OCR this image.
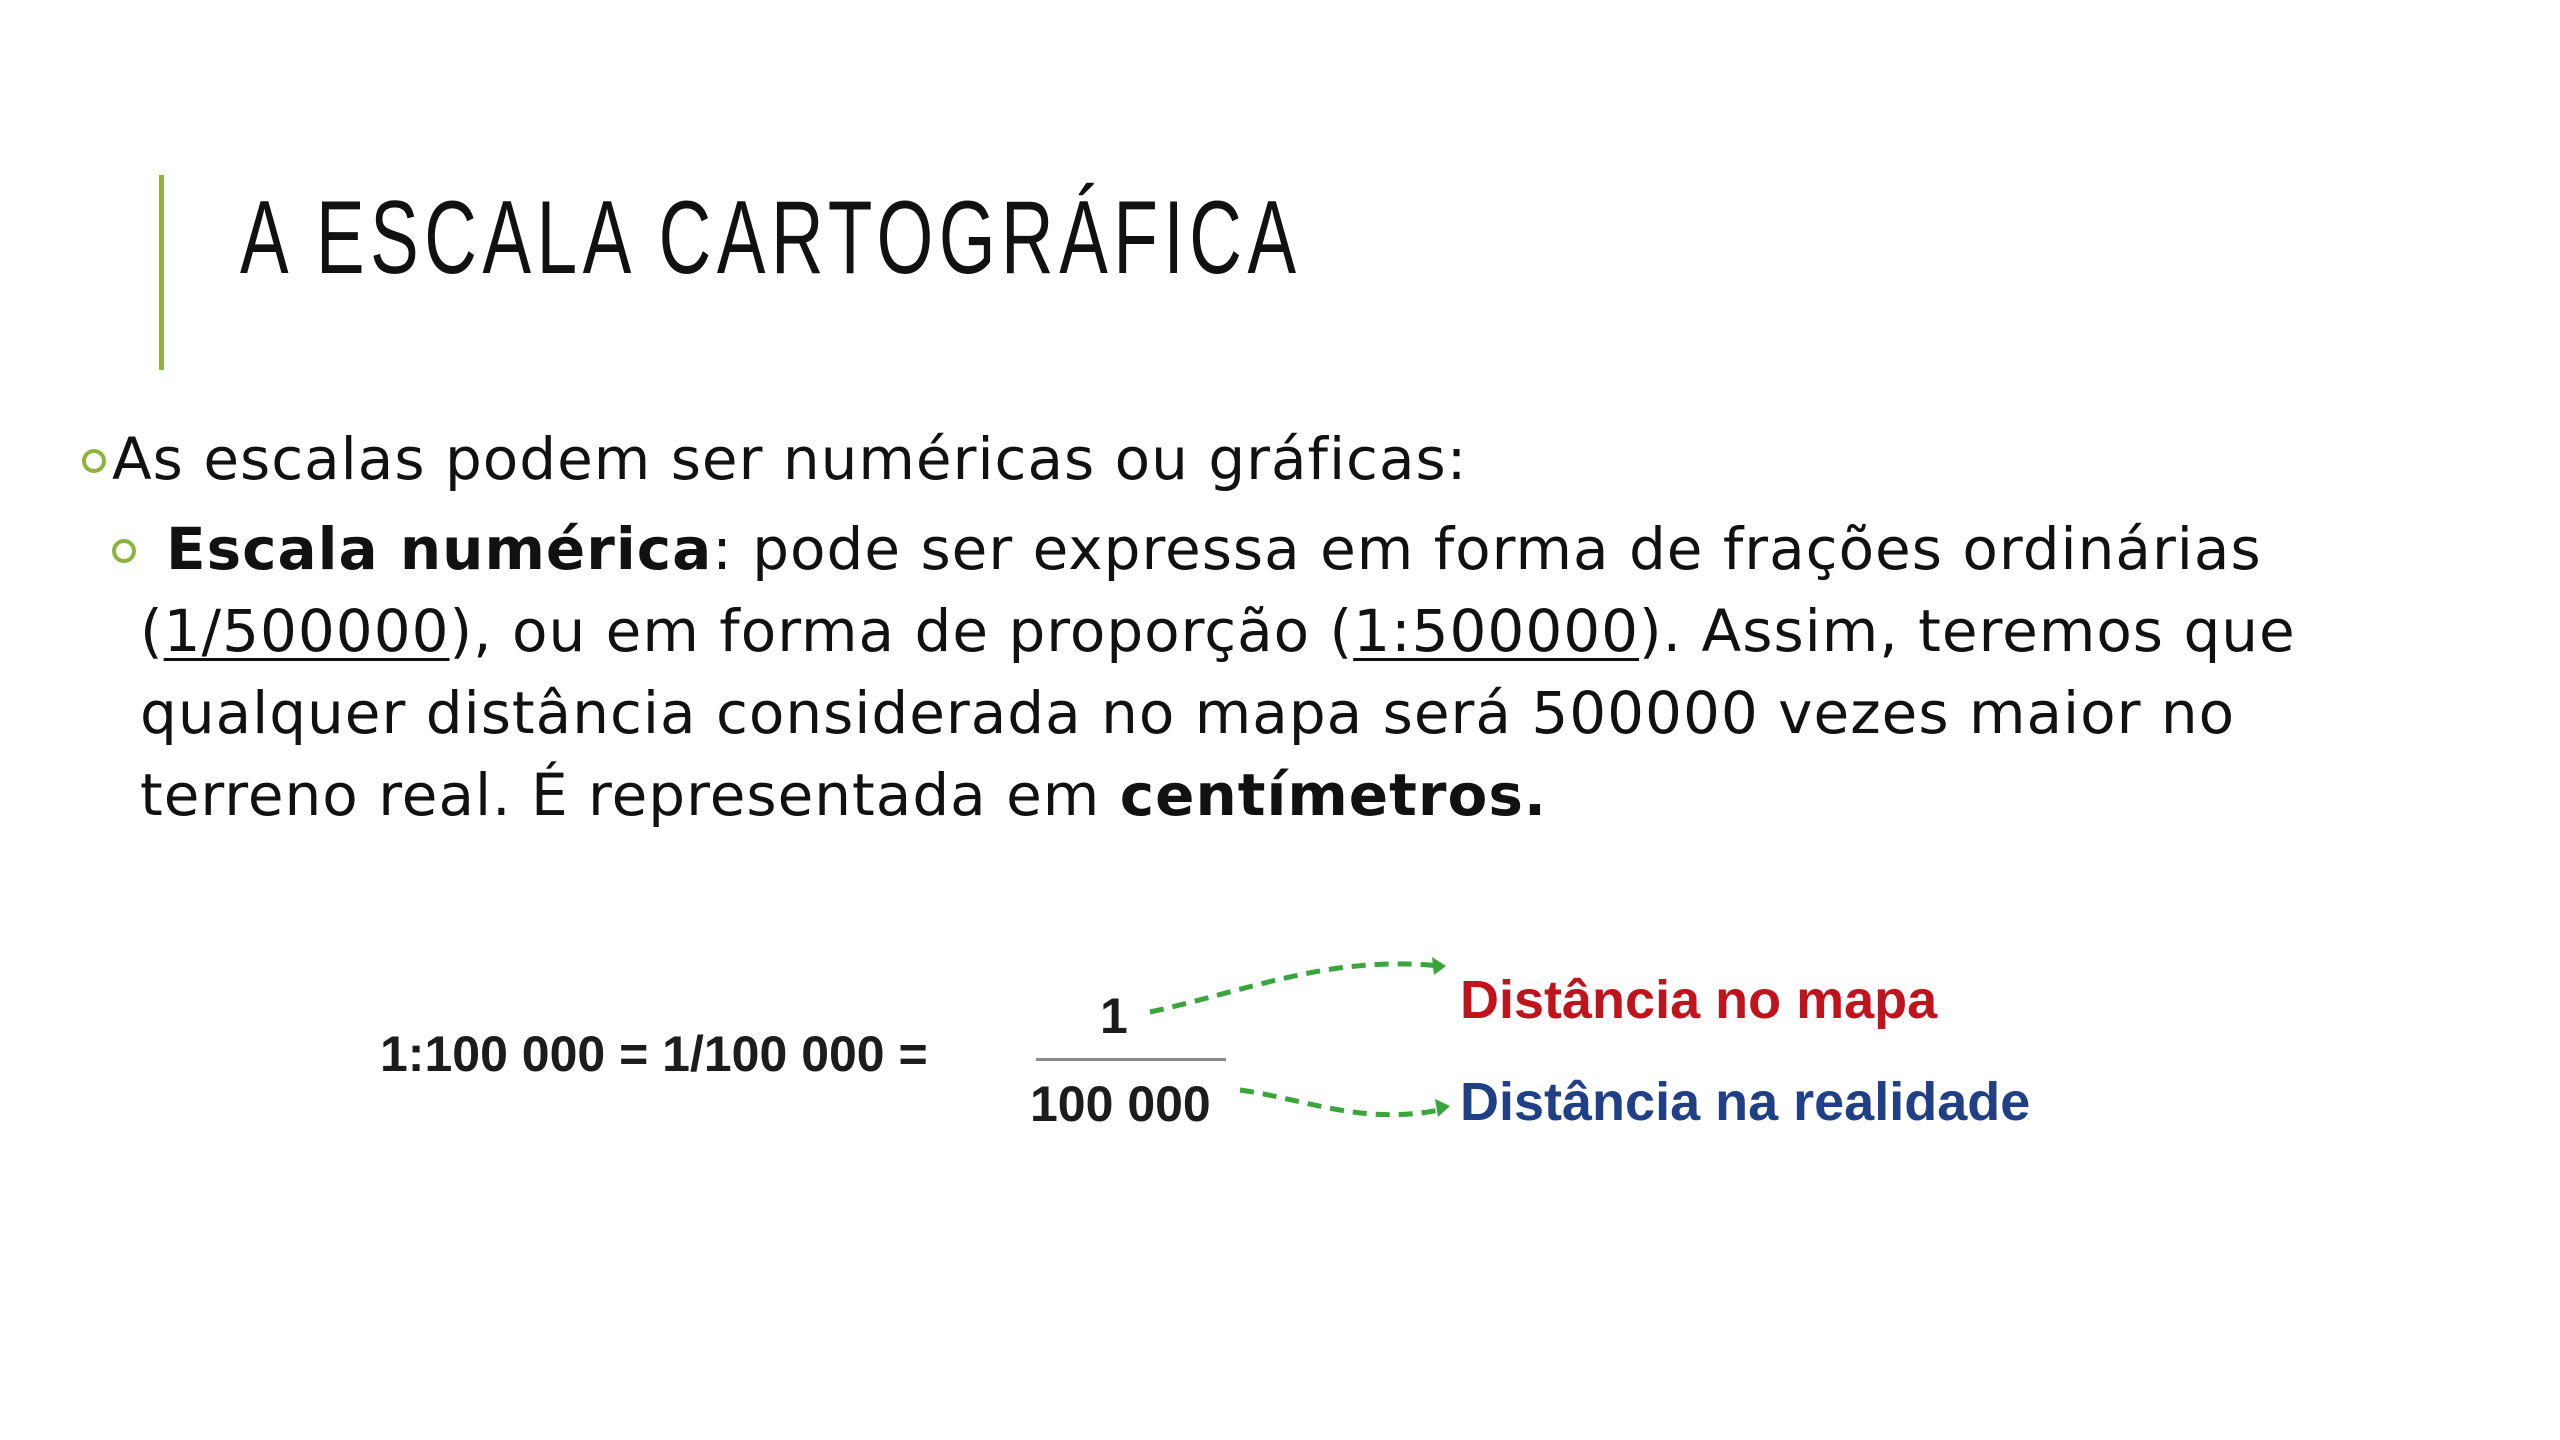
A ESCALA CARTOGRÁFICA
As escalas podem ser numéricas ou gráficas:
Escala numérica: pode ser expressa em forma de frações ordinárias
(1/500000), ou em forma de proporção (1:500000). Assim, teremos que
qualquer distância considerada no mapa será 500000 vezes maior no
terreno real. É representada em centímetros.
1:100 000 = 1/100 000 =
1
100 000
Distância no mapa
Distância na realidade
